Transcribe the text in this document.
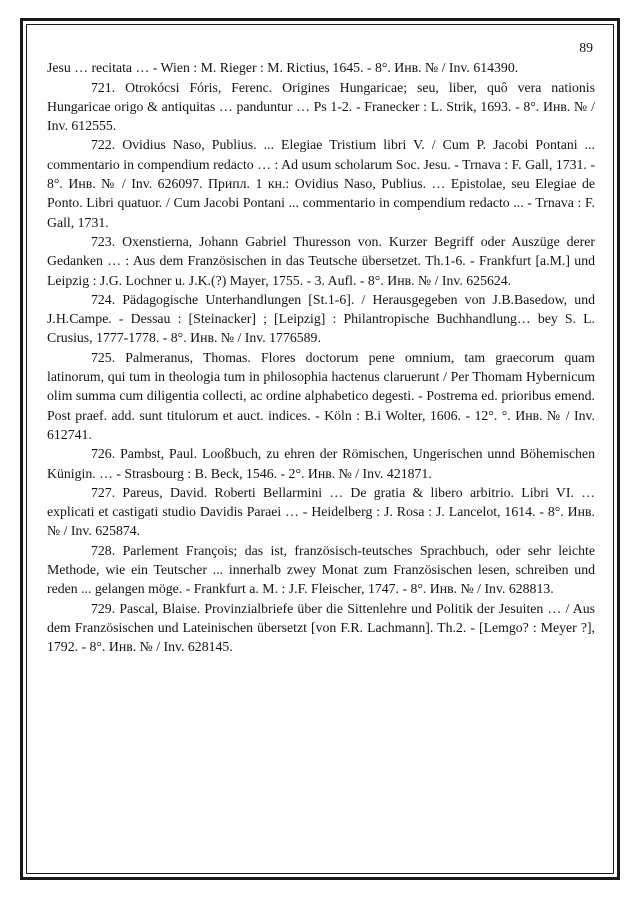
89

Jesu … recitata … - Wien : M. Rieger : M. Rictius, 1645. - 8°. Инв. № / Inv. 614390.

721. Otrokócsi Fóris, Ferenc. Origines Hungaricae; seu, liber, quô vera nationis Hungaricae origo & antiquitas … panduntur … Ps 1-2. - Franecker : L. Strik, 1693. - 8°. Инв. № / Inv. 612555.

722. Ovidius Naso, Publius. ... Elegiae Tristium libri V. / Cum P. Jacobi Pontani ... commentario in compendium redacto … : Ad usum scholarum Soc. Jesu. - Trnava : F. Gall, 1731. - 8°. Инв. № / Inv. 626097. Припл. 1 кн.: Ovidius Naso, Publius. … Epistolae, seu Elegiae de Ponto. Libri quatuor. / Cum Jacobi Pontani ... commentario in compendium redacto ... - Trnava : F. Gall, 1731.

723. Oxenstierna, Johann Gabriel Thuresson von. Kurzer Begriff oder Auszüge derer Gedanken … : Aus dem Französischen in das Teutsche übersetzet. Th.1-6. - Frankfurt [a.M.] und Leipzig : J.G. Lochner u. J.K.(?) Mayer, 1755. - 3. Aufl. - 8°. Инв. № / Inv. 625624.

724. Pädagogische Unterhandlungen [St.1-6]. / Herausgegeben von J.B.Basedow, und J.H.Campe. - Dessau : [Steinacker] ; [Leipzig] : Philantropische Buchhandlung… bey S. L. Crusius, 1777-1778. - 8°. Инв. № / Inv. 1776589.

725. Palmeranus, Thomas. Flores doctorum pene omnium, tam graecorum quam latinorum, qui tum in theologia tum in philosophia hactenus claruerunt / Per Thomam Hybernicum olim summa cum diligentia collecti, ac ordine alphabetico degesti. - Postrema ed. prioribus emend. Post praef. add. sunt titulorum et auct. indices. - Köln : B.i Wolter, 1606. - 12°. °. Инв. № / Inv. 612741.

726. Pambst, Paul. Looßbuch, zu ehren der Römischen, Ungerischen unnd Böhemischen Künigin. … - Strasbourg : B. Beck, 1546. - 2°. Инв. № / Inv. 421871.

727. Pareus, David. Roberti Bellarmini … De gratia & libero arbitrio. Libri VI. … explicati et castigati studio Davidis Paraei … - Heidelberg : J. Rosa : J. Lancelot, 1614. - 8°. Инв. № / Inv. 625874.

728. Parlement François; das ist, französisch-teutsches Sprachbuch, oder sehr leichte Methode, wie ein Teutscher ... innerhalb zwey Monat zum Französischen lesen, schreiben und reden ... gelangen möge. - Frankfurt a. M. : J.F. Fleischer, 1747. - 8°. Инв. № / Inv. 628813.

729. Pascal, Blaise. Provinzialbriefe über die Sittenlehre und Politik der Jesuiten … / Aus dem Französischen und Lateinischen übersetzt [von F.R. Lachmann]. Th.2. - [Lemgo? : Meyer ?], 1792. - 8°. Инв. № / Inv. 628145.
